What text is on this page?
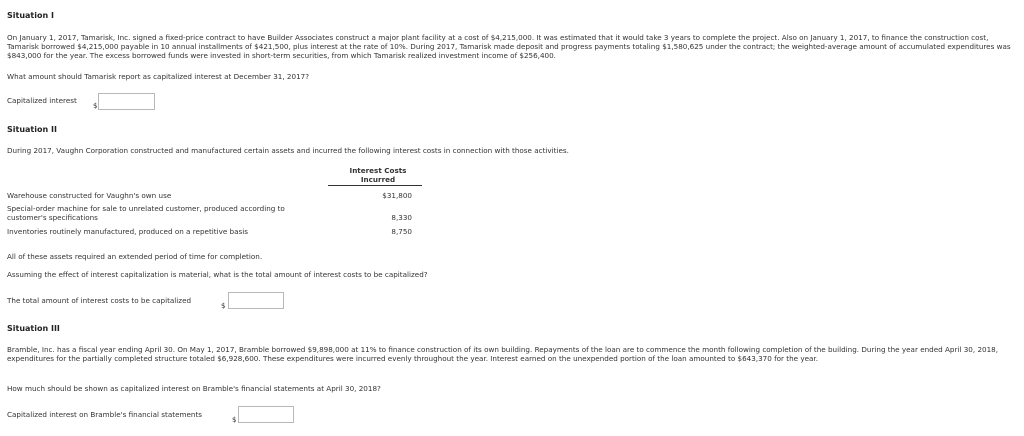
Situation I
On January 1, 2017, Tamarisk, Inc. signed a fixed-price contract to have Builder Associates construct a major plant facility at a cost of $4,215,000. It was estimated that it would take 3 years to complete the project. Also on January 1, 2017, to finance the construction cost, Tamarisk borrowed $4,215,000 payable in 10 annual installments of $421,500, plus interest at the rate of 10%. During 2017, Tamarisk made deposit and progress payments totaling $1,580,625 under the contract; the weighted-average amount of accumulated expenditures was $843,000 for the year. The excess borrowed funds were invested in short-term securities, from which Tamarisk realized investment income of $256,400.
What amount should Tamarisk report as capitalized interest at December 31, 2017?
Capitalized interest
$
Situation II
During 2017, Vaughn Corporation constructed and manufactured certain assets and incurred the following interest costs in connection with those activities.
Interest Costs Incurred
Warehouse constructed for Vaughn's own use	$31,800
Special-order machine for sale to unrelated customer, produced according to customer's specifications	8,330
Inventories routinely manufactured, produced on a repetitive basis	8,750
All of these assets required an extended period of time for completion.
Assuming the effect of interest capitalization is material, what is the total amount of interest costs to be capitalized?
The total amount of interest costs to be capitalized
$
Situation III
Bramble, Inc. has a fiscal year ending April 30. On May 1, 2017, Bramble borrowed $9,898,000 at 11% to finance construction of its own building. Repayments of the loan are to commence the month following completion of the building. During the year ended April 30, 2018, expenditures for the partially completed structure totaled $6,928,600. These expenditures were incurred evenly throughout the year. Interest earned on the unexpended portion of the loan amounted to $643,370 for the year.
How much should be shown as capitalized interest on Bramble's financial statements at April 30, 2018?
Capitalized interest on Bramble's financial statements
$
